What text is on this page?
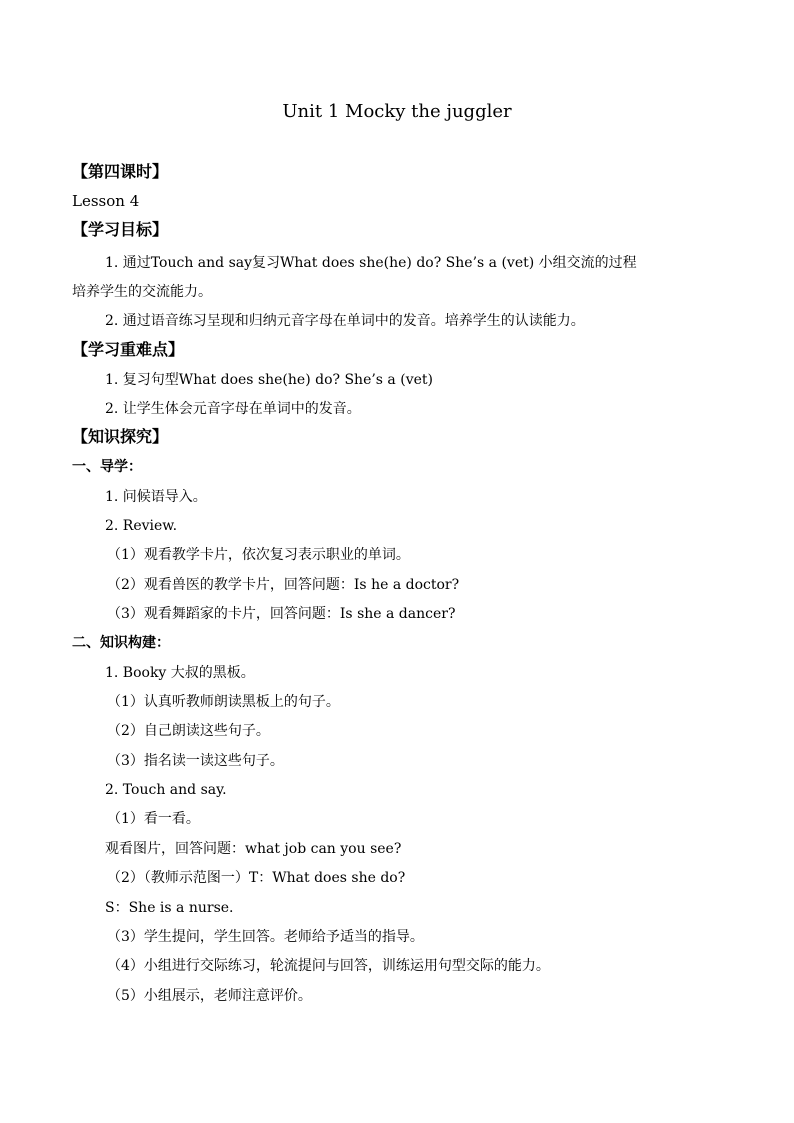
Unit 1 Mocky the juggler
【第四课时】
Lesson 4
【学习目标】
1. 通过Touch and say复习What does she(he) do? She’s a (vet) 小组交流的过程
培养学生的交流能力。
2. 通过语音练习呈现和归纳元音字母在单词中的发音。培养学生的认读能力。
【学习重难点】
1. 复习句型What does she(he) do? She’s a (vet)
2. 让学生体会元音字母在单词中的发音。
【知识探究】
一、导学：
1. 问候语导入。
2. Review.
（1）观看教学卡片，依次复习表示职业的单词。
（2）观看兽医的教学卡片，回答问题：Is he a doctor?
（3）观看舞蹈家的卡片，回答问题：Is she a dancer?
二、知识构建：
1. Booky 大叔的黑板。
（1）认真听教师朗读黑板上的句子。
（2）自己朗读这些句子。
（3）指名读一读这些句子。
2. Touch and say.
（1）看一看。
观看图片，回答问题：what job can you see?
（2）（教师示范图一）T：What does she do?
S：She is a nurse.
（3）学生提问，学生回答。老师给予适当的指导。
（4）小组进行交际练习，轮流提问与回答，训练运用句型交际的能力。
（5）小组展示，老师注意评价。
